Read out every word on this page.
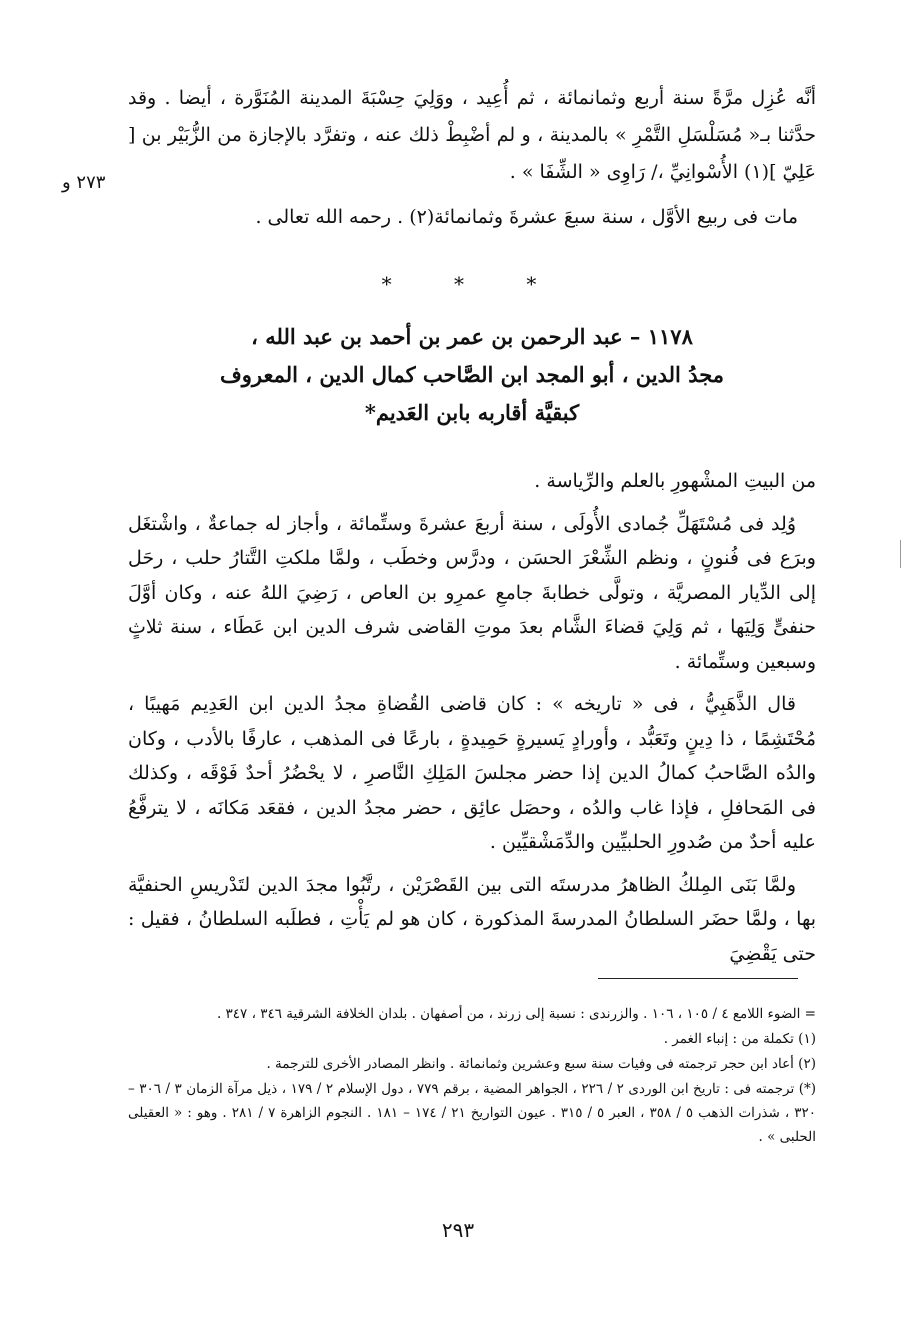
٢٧٣ و

أنَّه عُزِل مرَّةً سنة أربع وثمانمائة ، ثم أُعِيد ، ووَلِيَ حِسْبَةَ المدينة المُنَوَّرة ، أيضا . وقد حدَّثنا بـ« مُسَلْسَلِ التَّمْرِ » بالمدينة ، و لم أضْبِطْ ذلك عنه ، وتفرَّد بالإجازة من الزُّبَيْر بن [ عَلِيّ ](١) الأُسْوانِيِّ ،/ رَاوِى « الشِّفَا » .

مات فى ربيع الأوَّل ، سنة سبعَ عشرةَ وثمانمائة(٢) . رحمه الله تعالى .

* * *
١١٧٨ – عبد الرحمن بن عمر بن أحمد بن عبد الله ،
مجدُ الدين ، أبو المجد ابن الصَّاحب كمال الدين ، المعروف
كبقيَّة أقاربه بابن العَديم*

من البيتِ المشْهورِ بالعلم والرِّياسة .

وُلِد فى مُسْتَهَلِّ جُمادى الأُولَى ، سنة أربعَ عشرةَ وستِّمائة ، وأجاز له جماعةٌ ، واشْتغَل وبرَع فى فُنونٍ ، ونظم الشِّعْرَ الحسَن ، ودرَّس وخطَب ، ولمَّا ملكتِ التَّتارُ حلب ، رحَل إلى الدِّيار المصريَّة ، وتولَّى خطابةَ جامعِ عمرِو بن العاص ، رَضِيَ اللهُ عنه ، وكان أوَّلَ حنفىٍّ وَلِيَها ، ثم وَلِيَ قضاءَ الشَّام بعدَ موتِ القاضى شرف الدين ابن عَطَاء ، سنة ثلاثٍ وسبعين وستِّمائة .

قال الذَّهَبِيُّ ، فى « تاريخه » : كان قاضى القُضاةِ مجدُ الدين ابن العَدِيم مَهيبًا ، مُحْتَشِمًا ، ذا دِينٍ وتَعَبُّد ، وأورادٍ يَسيرةٍ حَمِيدةٍ ، بارعًا فى المذهب ، عارفًا بالأدب ، وكان والدُه الصَّاحبُ كمالُ الدين إذا حضر مجلسَ المَلِكِ النَّاصرِ ، لا يحْضُرُ أحدٌ فَوْقَه ، وكذلك فى المَحافلِ ، فإذا غاب والدُه ، وحصَل عائِق ، حضر مجدُ الدين ، فقعَد مَكانَه ، لا يترفَّعُ عليه أحدٌ من صُدورِ الحلبيِّين والدِّمَشْقيِّين .

ولمَّا بَنَى المِلكُ الظاهرُ مدرستَه التى بين القَصْرَيْن ، رتَّبُوا مجدَ الدين لتَدْريسِ الحنفيَّة بها ، ولمَّا حضَر السلطانُ المدرسةَ المذكورة ، كان هو لم يَأْتِ ، فطلَبه السلطانُ ، فقيل : حتى يَقْضِيَ

= الضوء اللامع ٤ / ١٠٥ ، ١٠٦ . والزرندى : نسبة إلى زرند ، من أصفهان . بلدان الخلافة الشرقية ٣٤٦ ، ٣٤٧ .

(١) تكملة من : إنباء الغمر .

(٢) أعاد ابن حجر ترجمته فى وفيات سنة سبع وعشرين وثمانمائة . وانظر المصادر الأخرى للترجمة .

(*) ترجمته فى : تاريخ ابن الوردى ٢ / ٢٢٦ ، الجواهر المضية ، برقم ٧٧٩ ، دول الإسلام ٢ / ١٧٩ ، ذيل مرآة الزمان ٣ / ٣٠٦ – ٣٢٠ ، شذرات الذهب ٥ / ٣٥٨ ، العبر ٥ / ٣١٥ . عيون التواريخ ٢١ / ١٧٤ – ١٨١ . النجوم الزاهرة ٧ / ٢٨١ . وهو : « العقيلى الحلبى » .

٢٩٣
